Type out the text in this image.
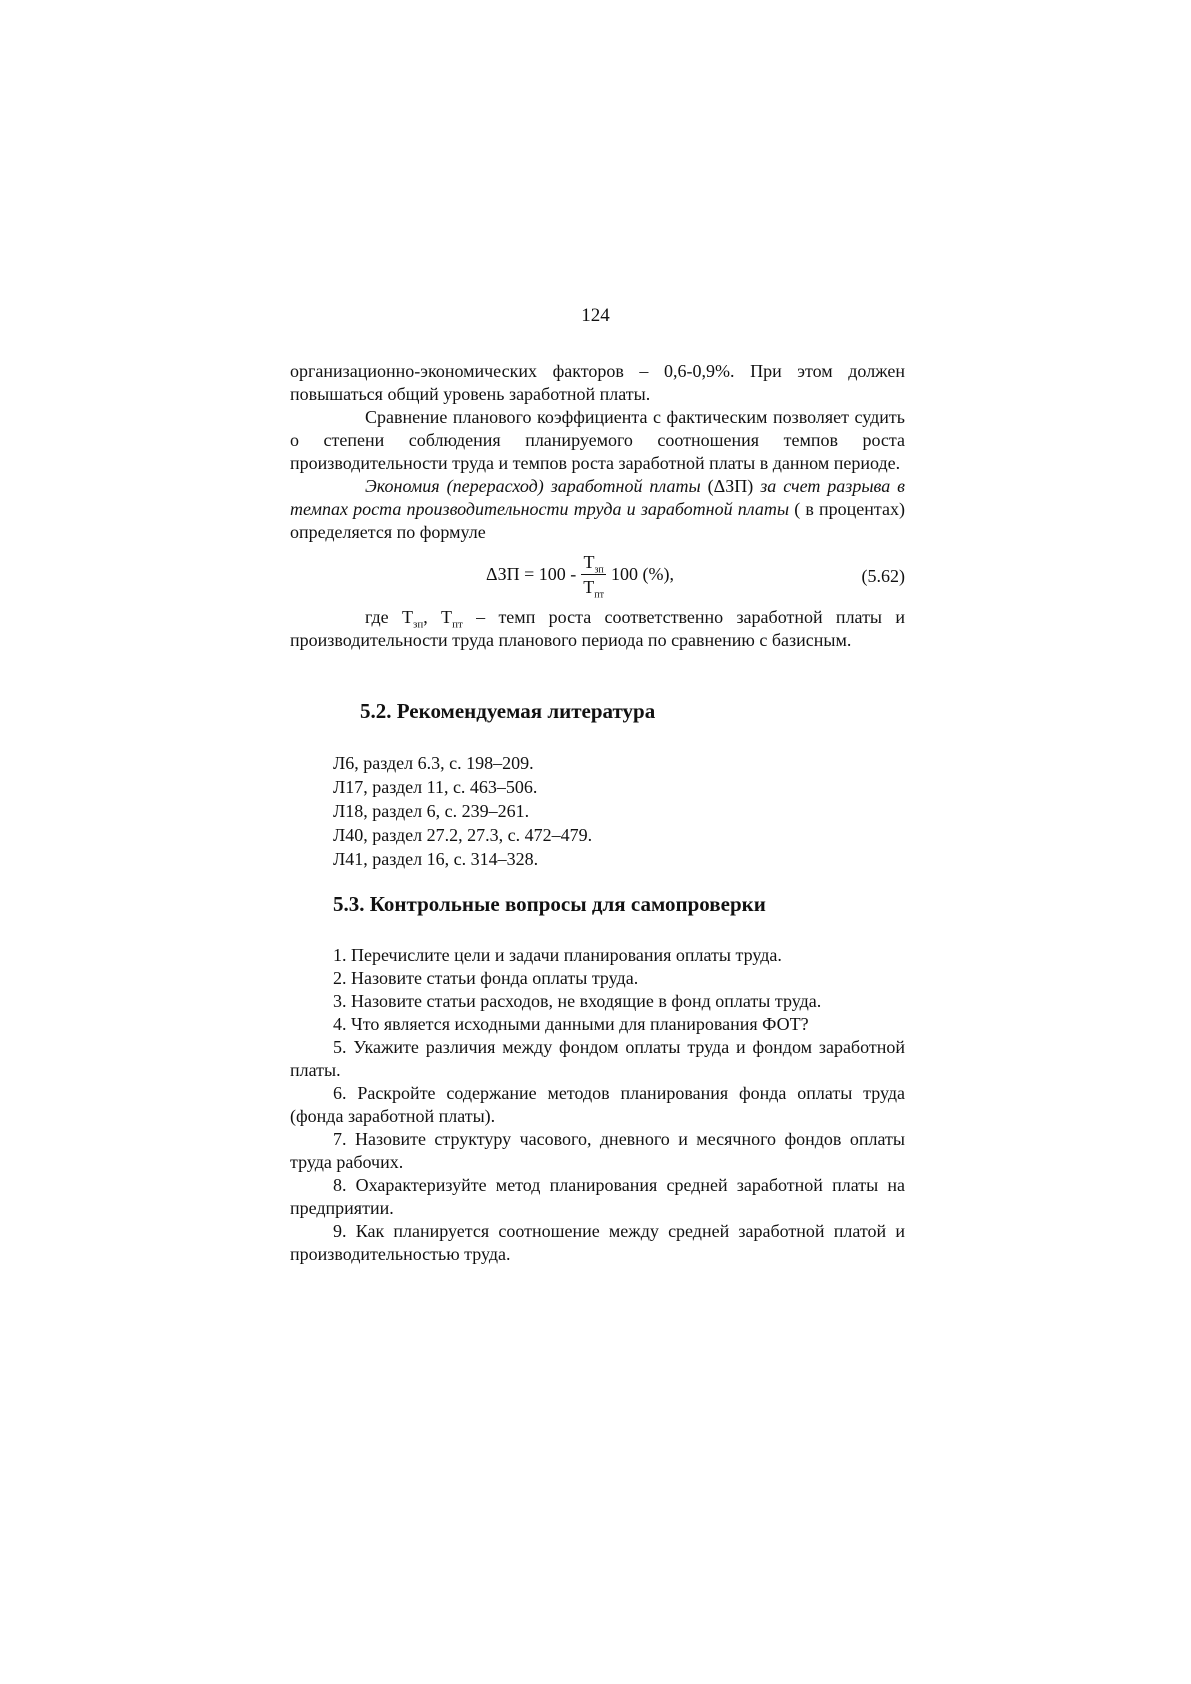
124

организационно-экономических факторов – 0,6-0,9%. При этом должен повышаться общий уровень заработной платы.

Сравнение планового коэффициента с фактическим позволяет судить о степени соблюдения планируемого соотношения темпов роста производительности труда и темпов роста заработной платы в данном периоде.

Экономия (перерасход) заработной платы (ΔЗП) за счет разрыва в темпах роста производительности труда и заработной платы ( в процентах) определяется по формуле

$\Delta ЗП = 100 - \frac{Т_{зп}}{Т_{пт}} 100$ (%),	(5.62)

где $Т_{зп}$, $Т_{пт}$ – темп роста соответственно заработной платы и производительности труда планового периода по сравнению с базисным.

5.2. Рекомендуемая литература

Л6, раздел 6.3, с. 198–209.

Л17, раздел 11, с. 463–506.

Л18, раздел 6, с. 239–261.

Л40, раздел 27.2, 27.3, с. 472–479.

Л41, раздел 16, с. 314–328.

5.3. Контрольные вопросы для самопроверки

1. Перечислите цели и задачи планирования оплаты труда.

2. Назовите статьи фонда оплаты труда.

3. Назовите статьи расходов, не входящие в фонд оплаты труда.

4. Что является исходными данными для планирования ФОТ?

5. Укажите различия между фондом оплаты труда и фондом заработной платы.

6. Раскройте содержание методов планирования фонда оплаты труда (фонда заработной платы).

7. Назовите структуру часового, дневного и месячного фондов оплаты труда рабочих.

8. Охарактеризуйте метод планирования средней заработной платы на предприятии.

9. Как планируется соотношение между средней заработной платой и производительностью труда.
